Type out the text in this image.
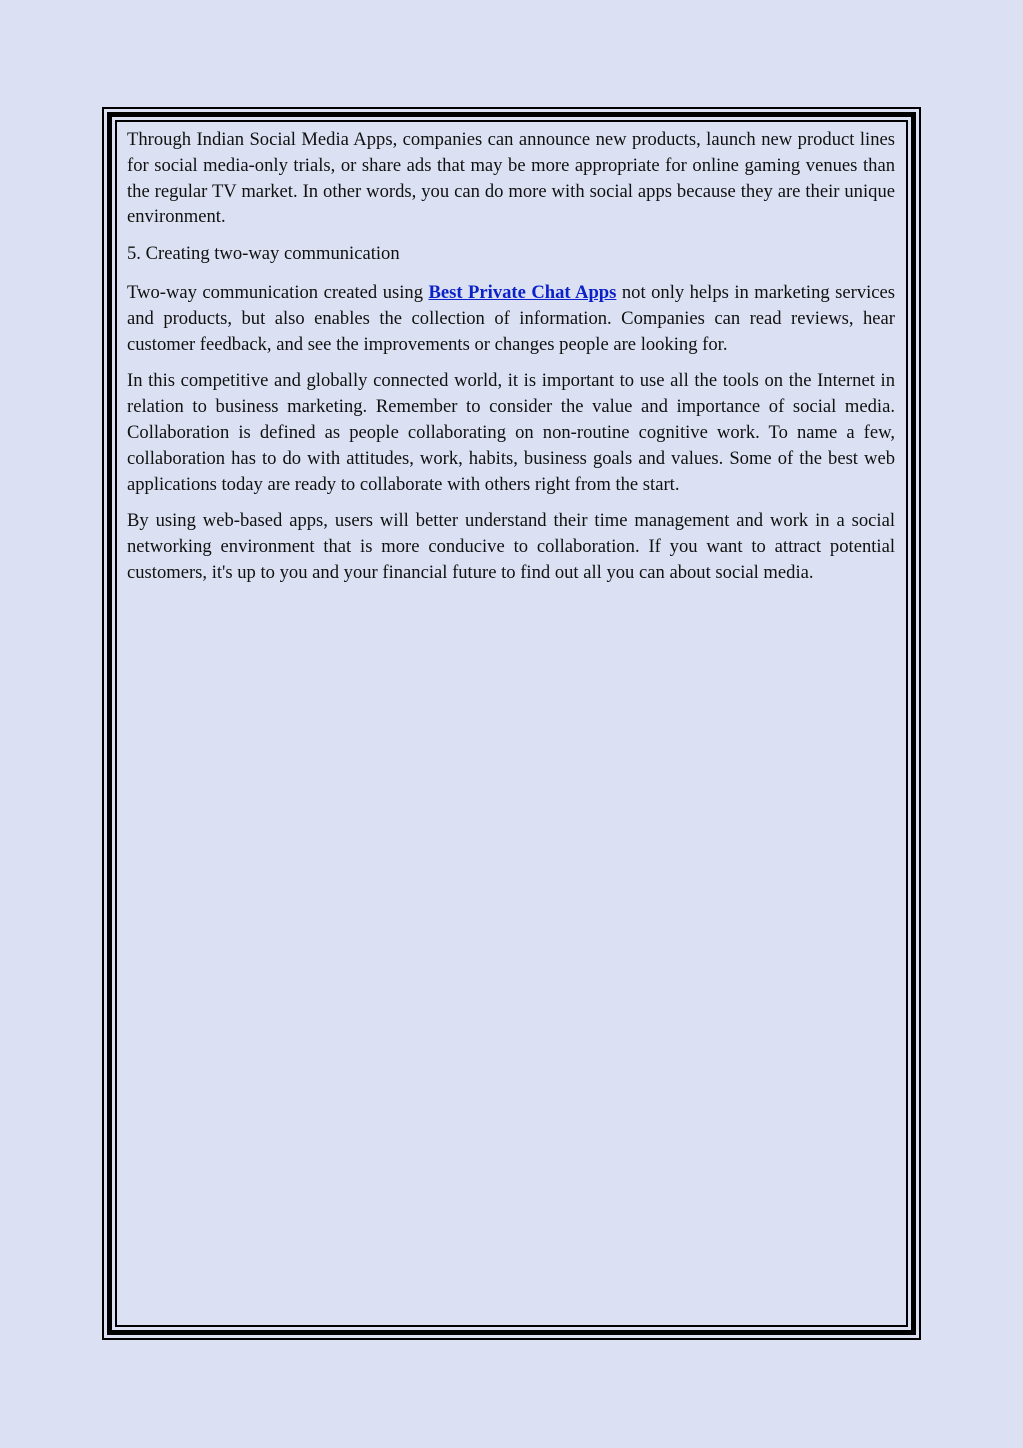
Through Indian Social Media Apps, companies can announce new products, launch new product lines for social media-only trials, or share ads that may be more appropriate for online gaming venues than the regular TV market. In other words, you can do more with social apps because they are their unique environment.

5. Creating two-way communication

Two-way communication created using Best Private Chat Apps not only helps in marketing services and products, but also enables the collection of information. Companies can read reviews, hear customer feedback, and see the improvements or changes people are looking for.

In this competitive and globally connected world, it is important to use all the tools on the Internet in relation to business marketing. Remember to consider the value and importance of social media. Collaboration is defined as people collaborating on non-routine cognitive work. To name a few, collaboration has to do with attitudes, work, habits, business goals and values. Some of the best web applications today are ready to collaborate with others right from the start.

By using web-based apps, users will better understand their time management and work in a social networking environment that is more conducive to collaboration. If you want to attract potential customers, it's up to you and your financial future to find out all you can about social media.
